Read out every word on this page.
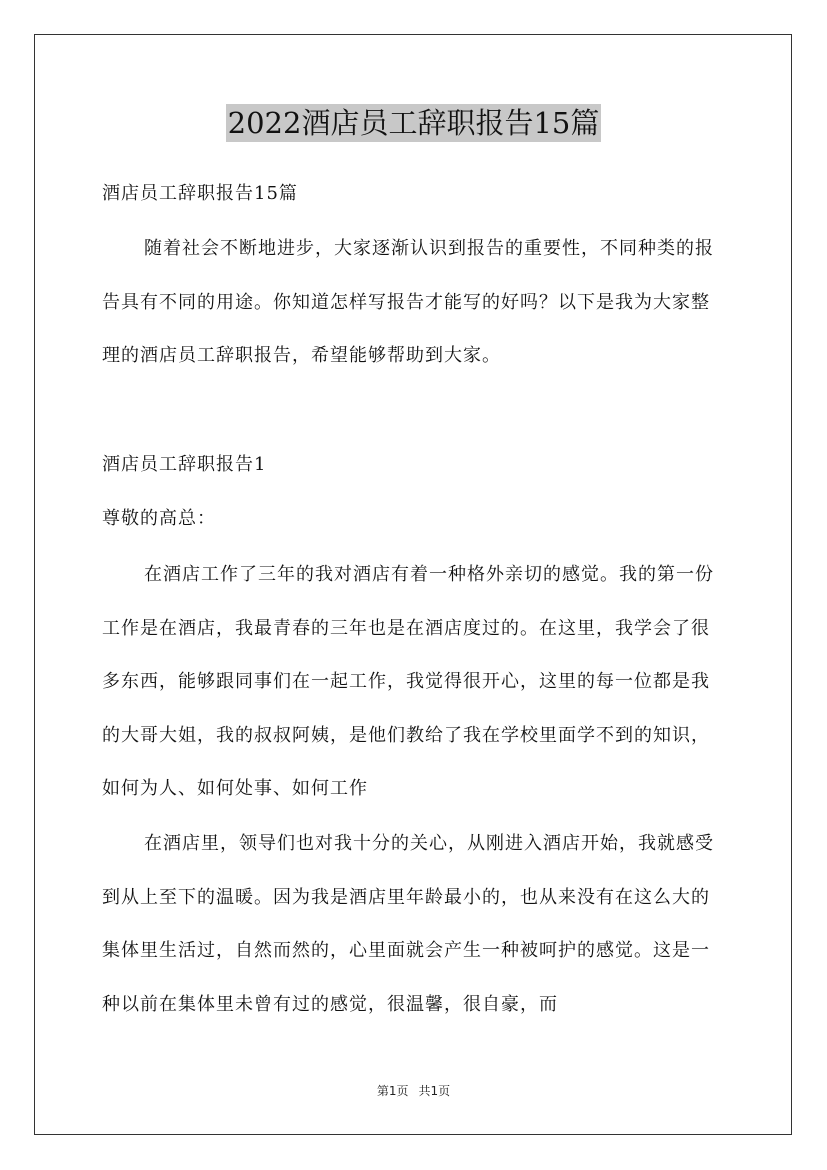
2022酒店员工辞职报告15篇

酒店员工辞职报告15篇

随着社会不断地进步，大家逐渐认识到报告的重要性，不同种类的报告具有不同的用途。你知道怎样写报告才能写的好吗？以下是我为大家整理的酒店员工辞职报告，希望能够帮助到大家。

酒店员工辞职报告1

尊敬的高总：

在酒店工作了三年的我对酒店有着一种格外亲切的感觉。我的第一份工作是在酒店，我最青春的三年也是在酒店度过的。在这里，我学会了很多东西，能够跟同事们在一起工作，我觉得很开心，这里的每一位都是我的大哥大姐，我的叔叔阿姨，是他们教给了我在学校里面学不到的知识，如何为人、如何处事、如何工作

在酒店里，领导们也对我十分的关心，从刚进入酒店开始，我就感受到从上至下的温暖。因为我是酒店里年龄最小的，也从来没有在这么大的集体里生活过，自然而然的，心里面就会产生一种被呵护的感觉。这是一种以前在集体里未曾有过的感觉，很温馨，很自豪，而

第1页 共1页
